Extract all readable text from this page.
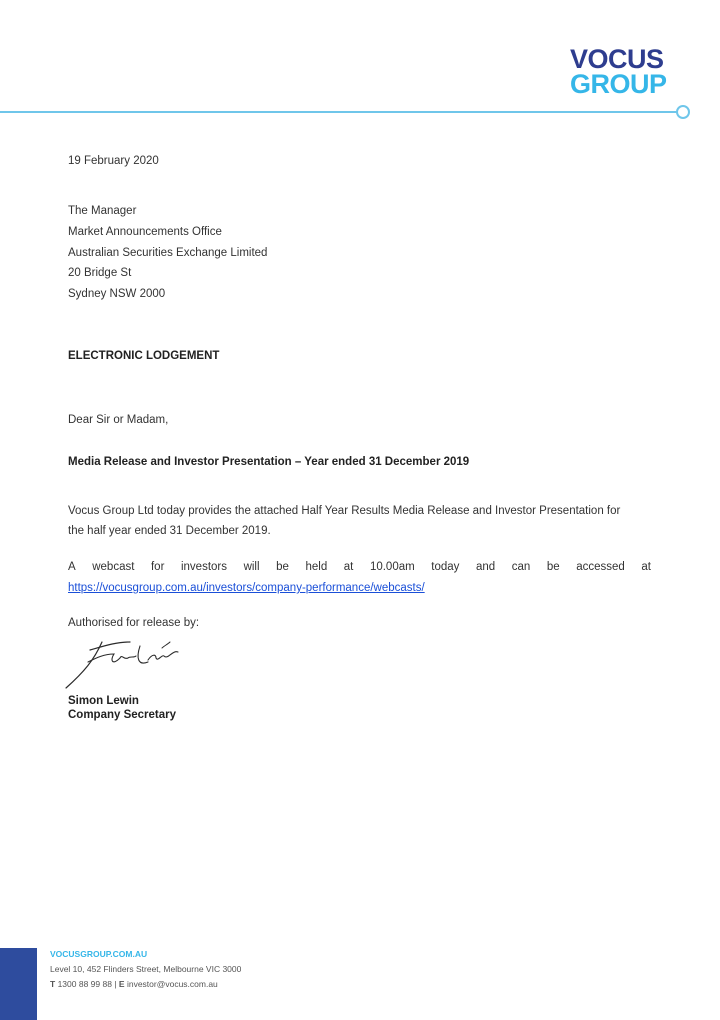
VOCUS
GROUP
19 February 2020
The Manager
Market Announcements Office
Australian Securities Exchange Limited
20 Bridge St
Sydney NSW 2000
ELECTRONIC LODGEMENT
Dear Sir or Madam,
Media Release and Investor Presentation – Year ended 31 December 2019
Vocus Group Ltd today provides the attached Half Year Results Media Release and Investor Presentation for
the half year ended 31 December 2019.
A webcast for investors will be held at 10.00am today and can be accessed at
https://vocusgroup.com.au/investors/company-performance/webcasts/
Authorised for release by:
Simon Lewin
Company Secretary
VOCUSGROUP.COM.AU
Level 10, 452 Flinders Street, Melbourne VIC 3000
T 1300 88 99 88 | E investor@vocus.com.au
